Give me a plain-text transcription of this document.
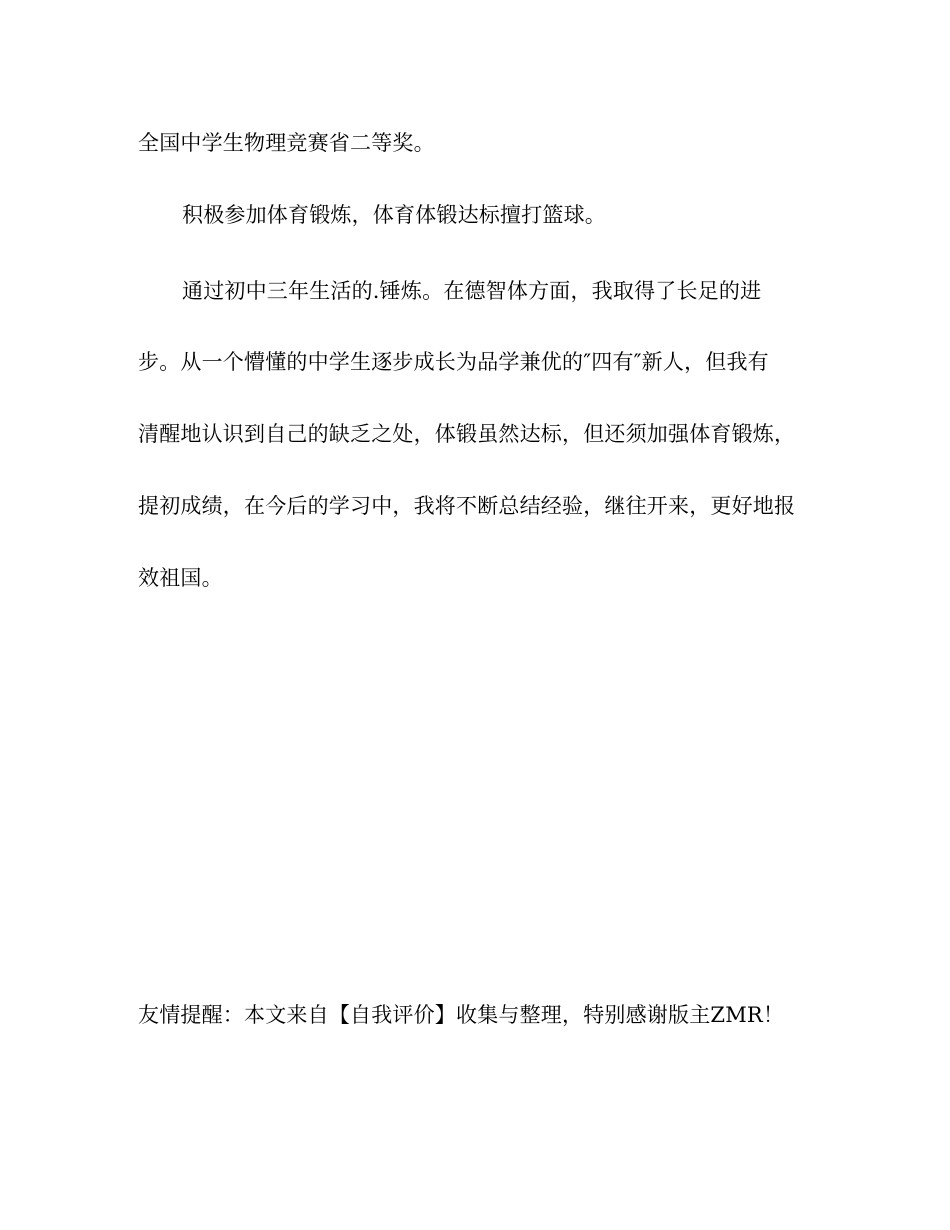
全国中学生物理竞赛省二等奖。
积极参加体育锻炼，体育体锻达标擅打篮球。
通过初中三年生活的.锤炼。在德智体方面，我取得了长足的进
步。从一个懵懂的中学生逐步成长为品学兼优的″四有″新人，但我有
清醒地认识到自己的缺乏之处，体锻虽然达标，但还须加强体育锻炼，
提初成绩，在今后的学习中，我将不断总结经验，继往开来，更好地报
效祖国。
友情提醒：本文来自【自我评价】收集与整理，特别感谢版主ZMR！
